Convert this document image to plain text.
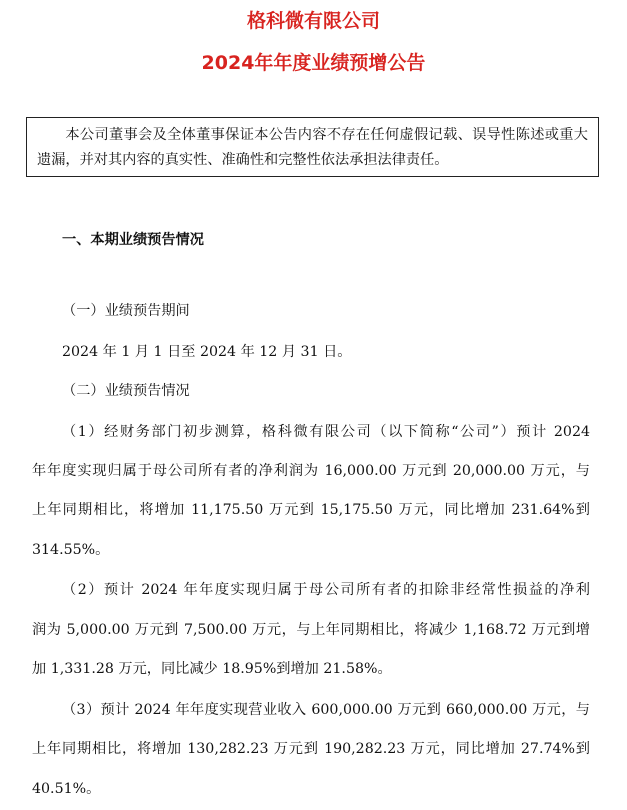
格科微有限公司
2024年年度业绩预增公告
本公司董事会及全体董事保证本公告内容不存在任何虚假记载、误导性陈述或重大遗漏，并对其内容的真实性、准确性和完整性依法承担法律责任。

一、本期业绩预告情况

（一）业绩预告期间

2024 年 1 月 1 日至 2024 年 12 月 31 日。

（二）业绩预告情况

（1）经财务部门初步测算，格科微有限公司（以下简称“公司”）预计 2024

年年度实现归属于母公司所有者的净利润为 16,000.00 万元到 20,000.00 万元，与

上年同期相比，将增加 11,175.50 万元到 15,175.50 万元，同比增加 231.64%到

314.55%。

（2）预计 2024 年年度实现归属于母公司所有者的扣除非经常性损益的净利

润为 5,000.00 万元到 7,500.00 万元，与上年同期相比，将减少 1,168.72 万元到增

加 1,331.28 万元，同比减少 18.95%到增加 21.58%。

（3）预计 2024 年年度实现营业收入 600,000.00 万元到 660,000.00 万元，与

上年同期相比，将增加 130,282.23 万元到 190,282.23 万元，同比增加 27.74%到

40.51%。
